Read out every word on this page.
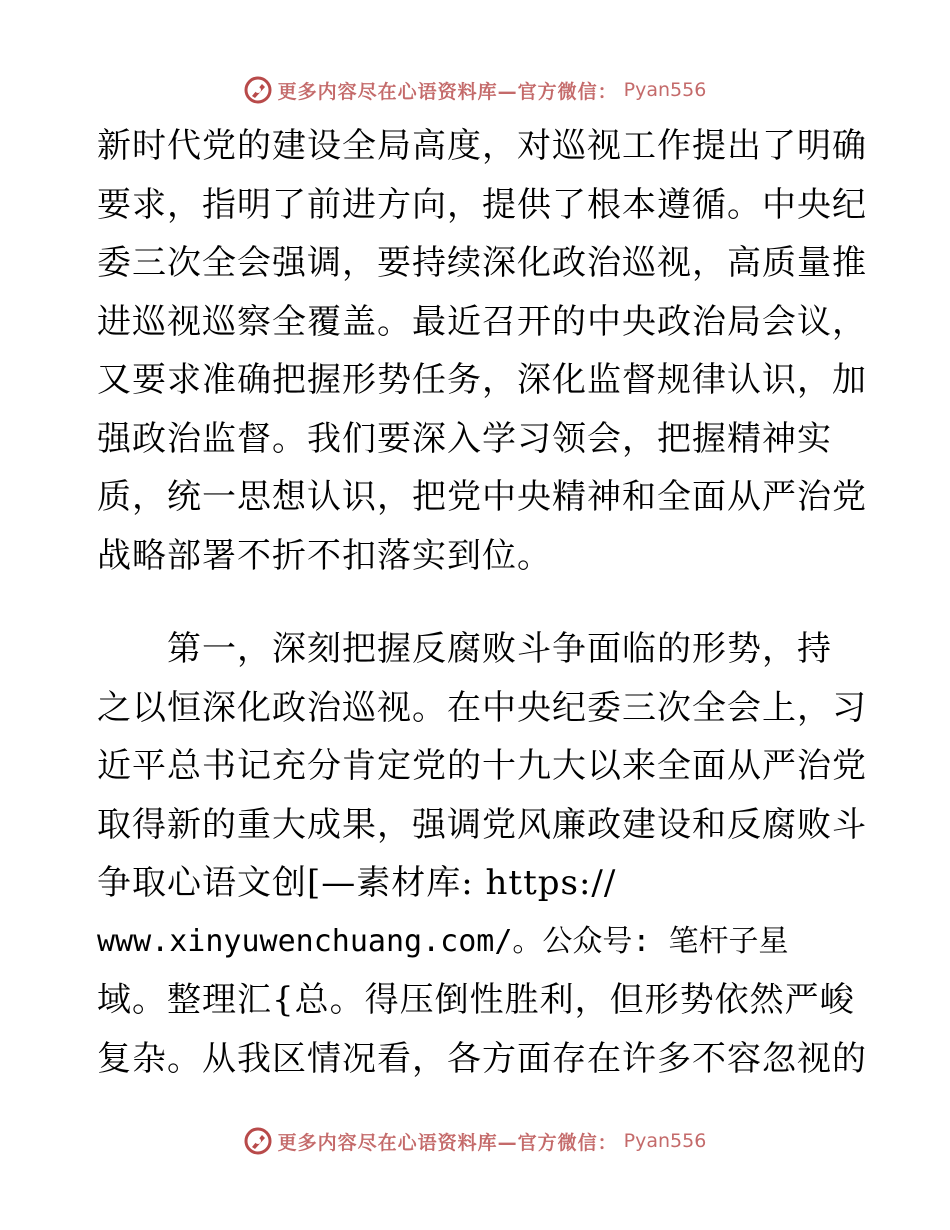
更多内容尽在心语资料库—官方微信： Pyan556
新时代党的建设全局高度，对巡视工作提出了明确
要求，指明了前进方向，提供了根本遵循。中央纪
委三次全会强调，要持续深化政治巡视，高质量推
进巡视巡察全覆盖。最近召开的中央政治局会议，
又要求准确把握形势任务，深化监督规律认识，加
强政治监督。我们要深入学习领会，把握精神实
质，统一思想认识，把党中央精神和全面从严治党
战略部署不折不扣落实到位。
　　第一，深刻把握反腐败斗争面临的形势，持
之以恒深化政治巡视。在中央纪委三次全会上，习
近平总书记充分肯定党的十九大以来全面从严治党
取得新的重大成果，强调党风廉政建设和反腐败斗
争取心语文创[—素材库: https://
www.xinyuwenchuang.com/。公众号: 笔杆子星
域。整理汇{总。得压倒性胜利，但形势依然严峻
复杂。从我区情况看，各方面存在许多不容忽视的
更多内容尽在心语资料库—官方微信： Pyan556
